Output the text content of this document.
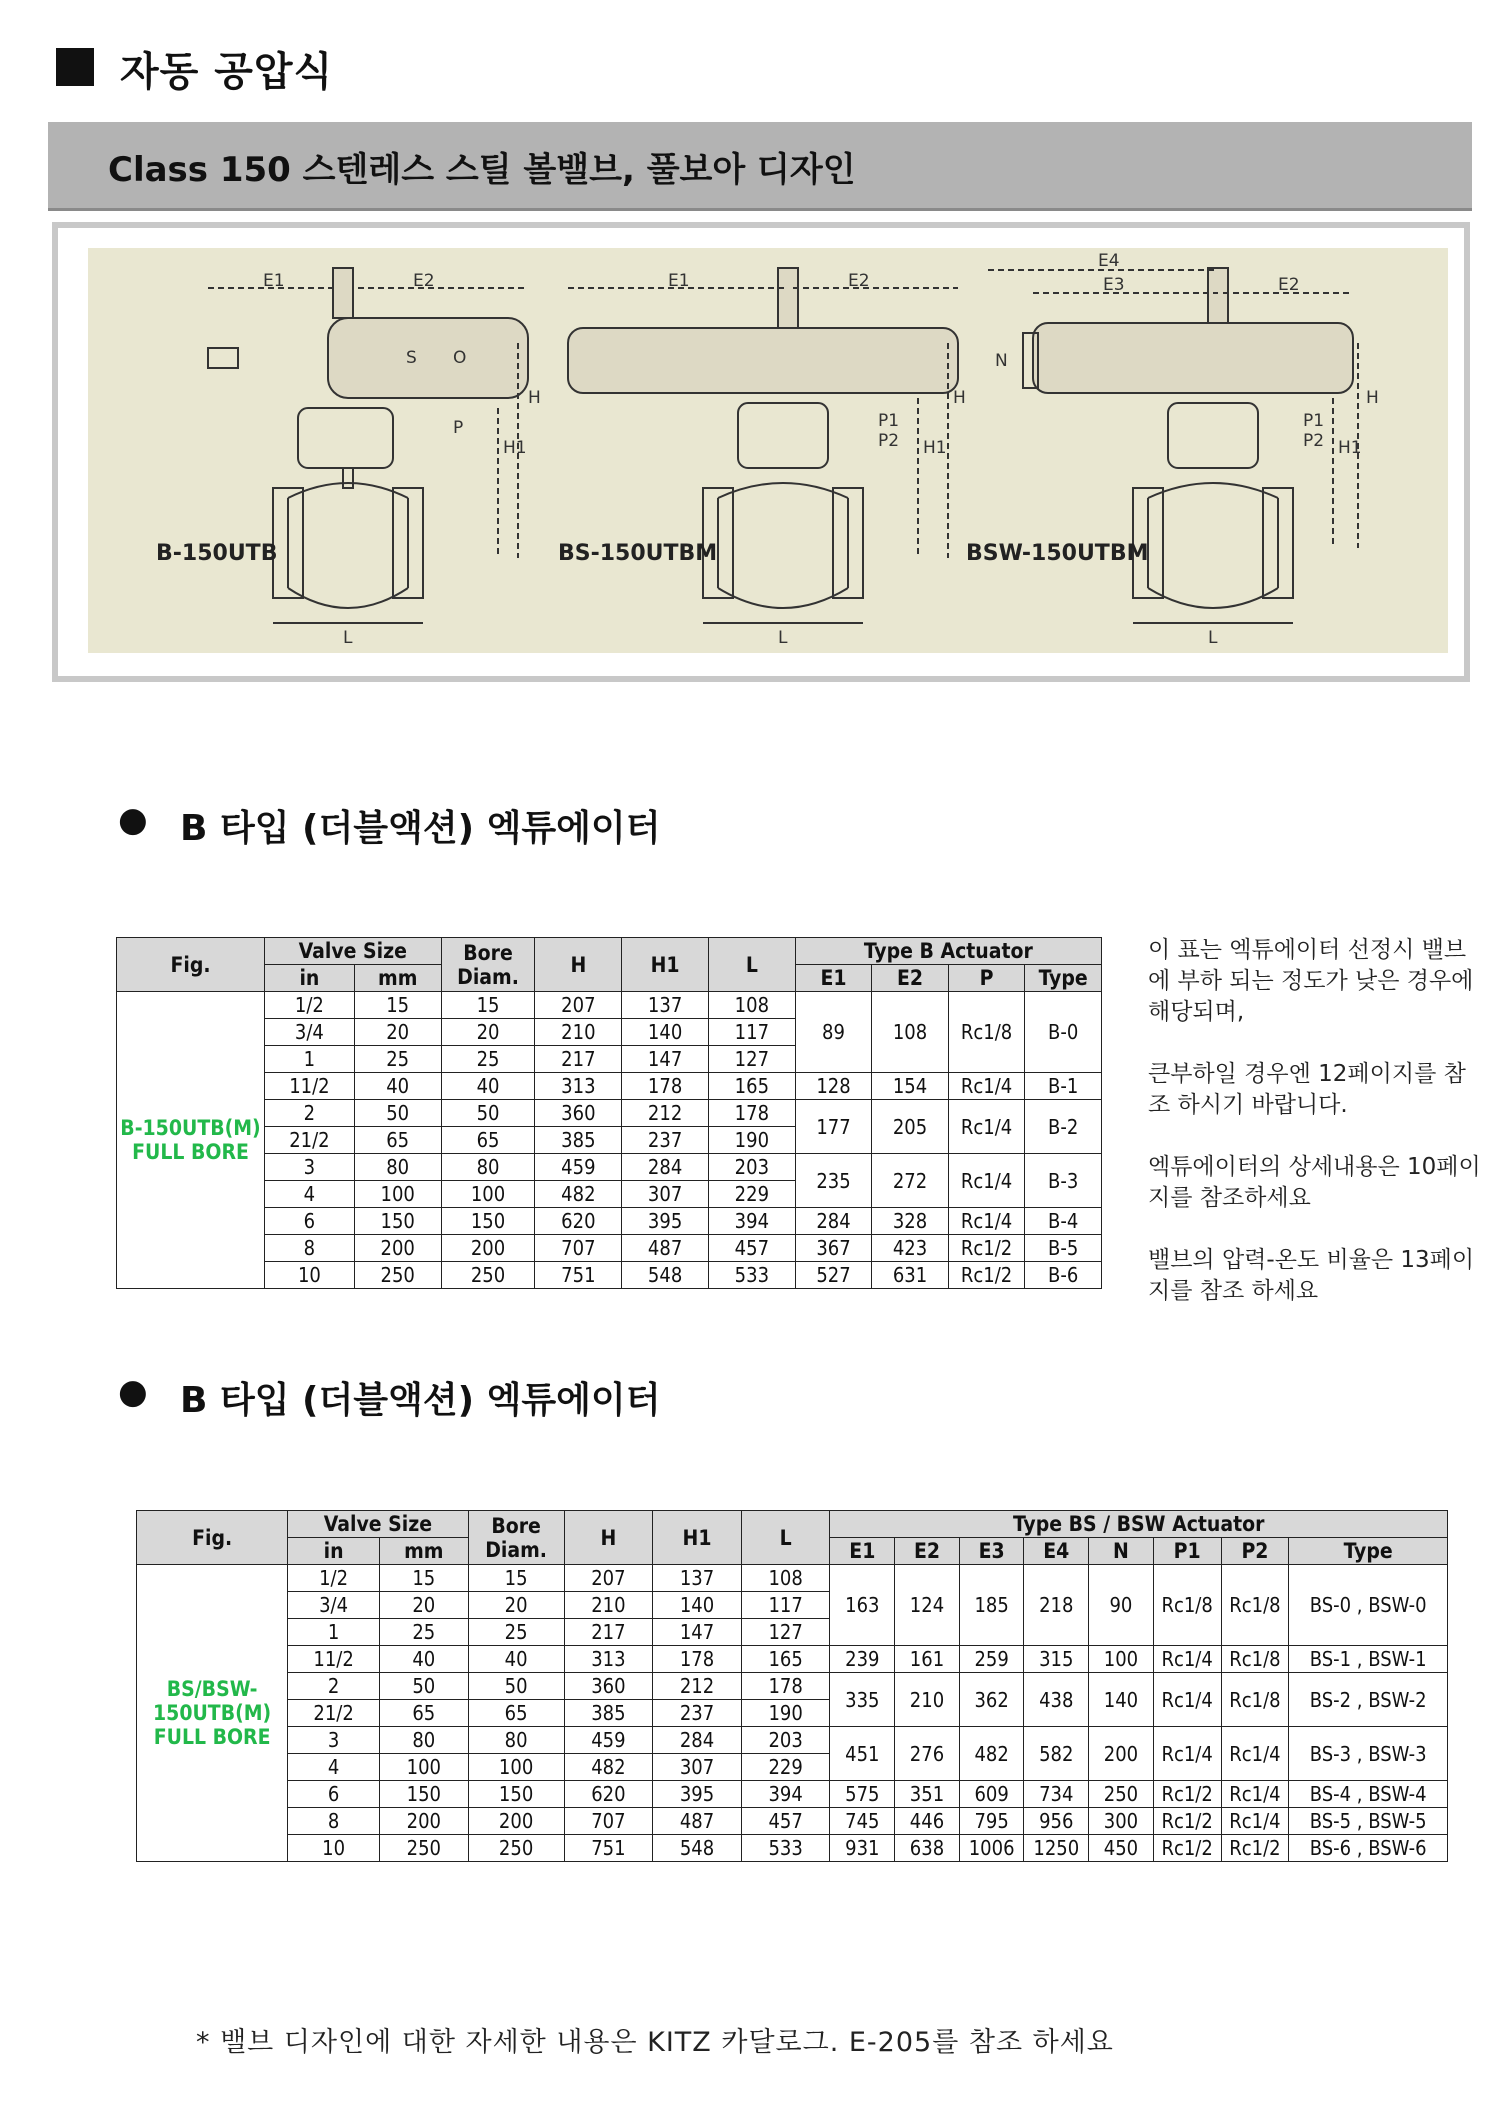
자동 공압식
Class 150 스텐레스 스틸 볼밸브, 풀보아 디자인
B-150UTB	BS-150UTBM	BSW-150UTBM
E1	E2
H
H1
L
S O
P
E1	E2
H
H1
L
P1
P2
E4
E3	E2
N
H
H1
L
P1
P2
● B 타입 (더블액션) 엑튜에이터
Fig.	Valve Size		Bore
Diam.	H	H1	L	Type B Actuator			
	in	mm					E1	E2	P	Type
B-150UTB(M)
FULL BORE	1/2	15	15	207	137	108	89	108	Rc1/8	B-0
	3/4	20	20	210	140	117				
	1	25	25	217	147	127				
	11/2	40	40	313	178	165	128	154	Rc1/4	B-1
	2	50	50	360	212	178	177	205	Rc1/4	B-2
	21/2	65	65	385	237	190				
	3	80	80	459	284	203	235	272	Rc1/4	B-3
	4	100	100	482	307	229				
	6	150	150	620	395	394	284	328	Rc1/4	B-4
	8	200	200	707	487	457	367	423	Rc1/2	B-5
	10	250	250	751	548	533	527	631	Rc1/2	B-6

이 표는 엑튜에이터 선정시 밸브에 부하 되는 정도가 낮은 경우에 해당되며,

큰부하일 경우엔 12페이지를 참조 하시기 바랍니다.

엑튜에이터의 상세내용은 10페이지를 참조하세요

밸브의 압력-온도 비율은 13페이지를 참조 하세요

● B 타입 (더블액션) 엑튜에이터
Fig.	Valve Size		Bore
Diam.	H	H1	L	Type BS / BSW Actuator							
	in	mm					E1	E2	E3	E4	N	P1	P2	Type
BS/BSW-
150UTB(M)
FULL BORE	1/2	15	15	207	137	108	163	124	185	218	90	Rc1/8	Rc1/8	BS-0 , BSW-0
	3/4	20	20	210	140	117								
	1	25	25	217	147	127								
	11/2	40	40	313	178	165	239	161	259	315	100	Rc1/4	Rc1/8	BS-1 , BSW-1
	2	50	50	360	212	178	335	210	362	438	140	Rc1/4	Rc1/8	BS-2 , BSW-2
	21/2	65	65	385	237	190								
	3	80	80	459	284	203	451	276	482	582	200	Rc1/4	Rc1/4	BS-3 , BSW-3
	4	100	100	482	307	229								
	6	150	150	620	395	394	575	351	609	734	250	Rc1/2	Rc1/4	BS-4 , BSW-4
	8	200	200	707	487	457	745	446	795	956	300	Rc1/2	Rc1/4	BS-5 , BSW-5
	10	250	250	751	548	533	931	638	1006	1250	450	Rc1/2	Rc1/2	BS-6 , BSW-6
* 밸브 디자인에 대한 자세한 내용은 KITZ 카달로그. E-205를 참조 하세요
